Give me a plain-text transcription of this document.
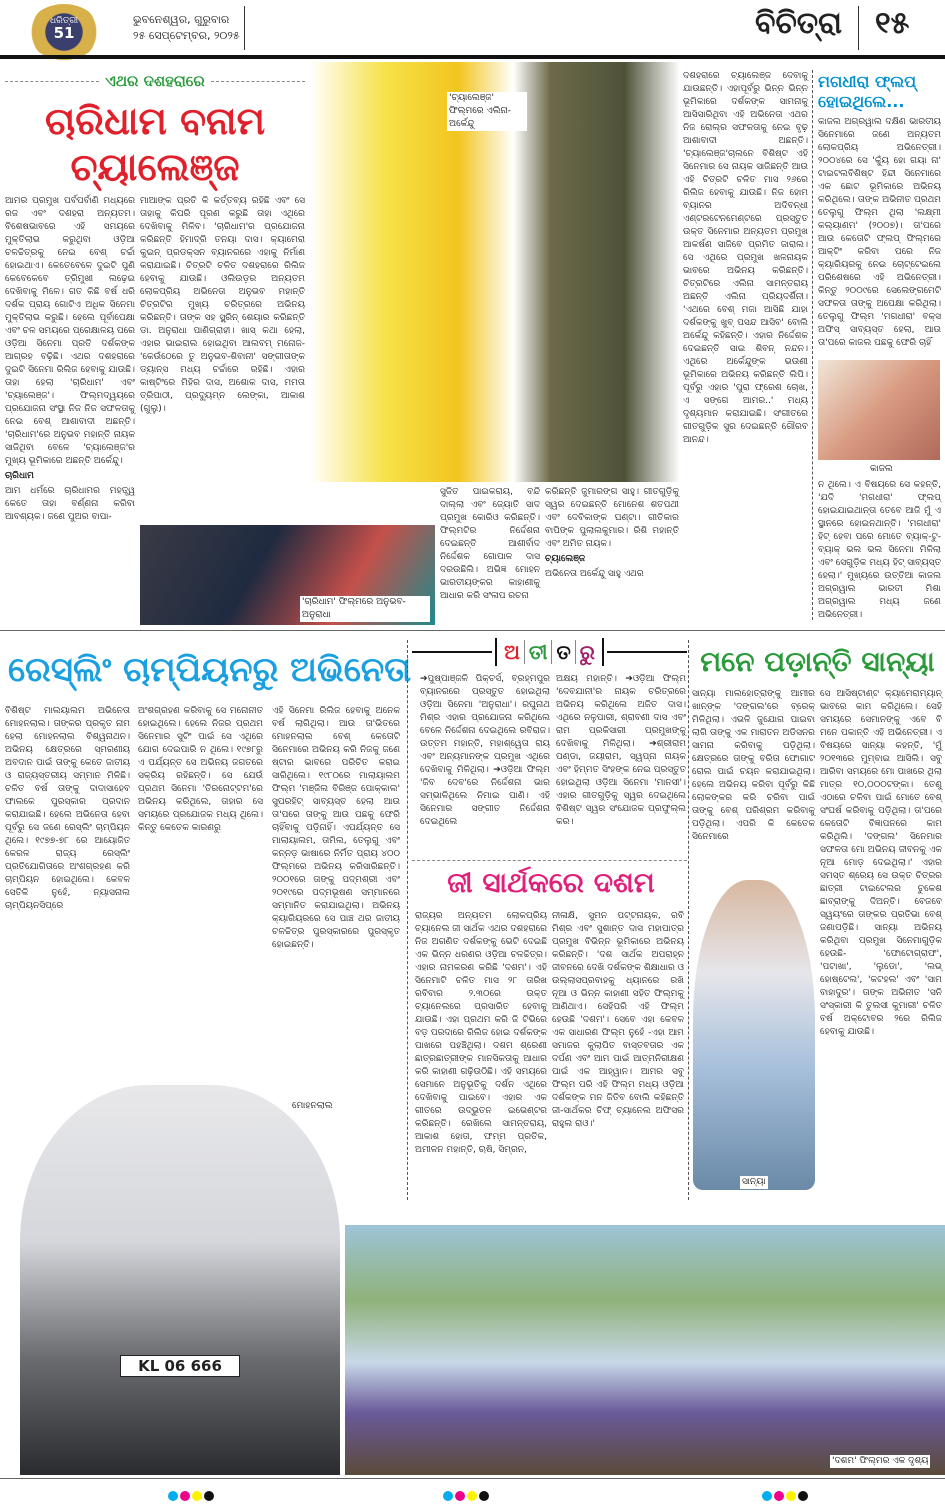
ଧରିତ୍ରୀ
51
ଭୁବନେଶ୍ୱର, ଗୁରୁବାର
୨୫ ସେପ୍ଟେମ୍ବର, ୨୦୨୫	ବିଚିତ୍ରା ୧୫
ଏଥର ଦଶହରାରେ
ଚାରିଧାମ ବନାମ
ଚ୍ୟାଲେଞ୍ଜ
'ଚ୍ୟାଲେଞ୍ଜ' ଫିଲ୍ମରେ ଏଲିନା-ଅର୍କେନ୍ଦୁ
'ଚାରିଧାମ' ଫିଲ୍ମରେ ଅନୁଭବ-ଅନୁରାଧା

ଆମର ପ୍ରମୁଖ ପର୍ବପର୍ବାଣି ମଧ୍ୟରେ ରଜ ଏବଂ ଦଶହରା ଅନ୍ୟତମ। ବିଶେଷଭାବରେ ଏହି ସମୟରେ ମୁକ୍ତିଲାଭ କରୁଥିବା ଓଡ଼ିଆ ଚଳଚ୍ଚିତ୍ରକୁ ନେଇ ବେଶ୍ ଚର୍ଚ୍ଚା ହୋଇଥାଏ। କେତେବେଳେ ଦୁଇଟି ପୁଣି କେବେକେବେ ତ୍ରିମୁଖୀ ଲଢ଼େଇ ଦେଖିବାକୁ ମିଳେ। ଗତ କିଛି ବର୍ଷ ଧରି ଦର୍ଶକ ପ୍ରାୟ ଗୋଟିଏ ଅଧିକ ସିନେମା ମୁକ୍ତିଲାଭ କରୁଛି। ହେଲେ ପୂର୍ବାପେକ୍ଷା ଏବଂ ଚଳ ସମୟରେ ପ୍ରେକ୍ଷାଳୟ ପରେ ଓଡ଼ିଆ ସିନେମା ପ୍ରତି ଦର୍ଶକଙ୍କ ଆଗ୍ରହ ବଢ଼ିଛି। ଏଥର ଦଶହରାରେ ଦୁଇଟି ସିନେମା ରିଲିଜ ହେବାକୁ ଯାଉଛି। ତାହା ହେଲା 'ଚାରିଧାମ' ଏବଂ 'ଚ୍ୟାଲେଞ୍ଜ'। ଫିଲ୍ମଦ୍ୱୟରେ ପ୍ରଯୋଜନା ସଂସ୍ଥା ନିଜ ନିଜ ସଫଳତାକୁ ନେଇ ବେଶ୍ ଆଶାବାଦୀ ଅଛନ୍ତି। 'ଚାରିଧାମ'ରେ ଅନୁଭବ ମହାନ୍ତି ନାୟକ ସାଜିଥିବା ବେଳେ 'ଚ୍ୟାଲେଞ୍ଜ'ର ମୁଖ୍ୟ ଭୂମିକାରେ ଅଛନ୍ତି ଅର୍କେନ୍ଦୁ।

ଚାରିଧାମ

ଆମ ଧର୍ମରେ ଚାରିଧାମର ମହତ୍ତ୍ୱ କେତେ ତାହା ବର୍ଣ୍ଣନା କରିବା ଆବଶ୍ୟକ। ଜଣେ ପୁଅର ବାପା-

ମାଆଙ୍କ ପ୍ରତି କି କର୍ତ୍ତବ୍ୟ ରହିଛି ଏବଂ ସେ ତାହାକୁ କିପରି ପୂରଣ କରୁଛି ତାହା ଏଥିରେ ଦେଖିବାକୁ ମିଳିବ। 'ଚାରିଧାମ'ର ପ୍ରଯୋଜନା କରିଛନ୍ତି ହିମାଦ୍ରି ତନୟା ଦାସ। କ୍ୟାମେରା କୁଇନ୍ ପ୍ରଡକ୍ସନ ବ୍ୟାନରରେ ଏହାକୁ ନିର୍ମାଣ କରାଯାଇଛି। ଚିତ୍ରଟି ଚଳିତ ଦଶହରାରେ ରିଲିଜ ହେବାକୁ ଯାଉଛି। ଓଲିଉଡ଼ର ଅନ୍ୟତମ ଲୋକପ୍ରିୟ ଅଭିନେତା ଅନୁଭବ ମହାନ୍ତି ଚିତ୍ରଟିର ମୁଖ୍ୟ ଚରିତ୍ରରେ ଅଭିନୟ କରିଛନ୍ତି। ତାଙ୍କ ସହ ସ୍କ୍ରିନ୍ ଶେୟାର କରିଛନ୍ତି ଡା. ଅନୁରାଧା ପାଣିଗ୍ରାହୀ। ଖାସ୍ କଥା ହେଲା, ଏହାର ଭାଇରାଲ ହୋଇଥିବା ଆଲବମ୍ ମନୋଜ-'କେଉଁଠେରେ ତୁ ଅନୁଭବ-ଶିବାନୀ' ସଙ୍ଗୀତାଙ୍କ ଡ୍ୟାନ୍ସ ମଧ୍ୟ ଚର୍ଚ୍ଚାରେ ରହିଛି। ଏହାର କାଷ୍ଟିଂରେ ମିହିର ଦାସ, ଅଶୋକ ଦାସ, ମମତା ତ୍ରିପାଠୀ, ପ୍ରଦ୍ୟୁମ୍ନ ଲେଙ୍କା, ଆକାଶ (ଗୁଲୁ)।

ସୁଜିତ ପାଇକରାୟ, ବନ୍ଦି ଦାଲ୍ଲା ଏବଂ ଜ୍ୟୋତି ସାଦ ପ୍ରମୁଖ କୋରିଓ କରିଛନ୍ତି। ଫିଲ୍ମଟିର ନିର୍ଦ୍ଦେଶନା ଦେଇଛନ୍ତି ଆଶୀର୍ବାଦ ନିର୍ଦ୍ଦେଶକ ଗୋପାଳ ଦାସ ଦରଉଛିଲି। ଅଭିଜ୍ଞ ମୋହନ ଭାରତୀୟଙ୍କର କାହାଣୀକୁ ଆଧାର କରି ସଂଳାପ ରଚନା

ଦଶହରାରେ ଚ୍ୟାଲେଞ୍ଜ ଦେବାକୁ ଯାଉଛନ୍ତି। ଏହାପୂର୍ବରୁ ଭିନ୍ନ ଭିନ୍ନ ଭୂମିକାରେ ଦର୍ଶକଙ୍କ ସାମନାକୁ ଆସିସାରିଥିବା ଏହି ଅଭିନେତା ଏଥର ନିଜ ରୋଲ୍‌ର ସଫଳତାକୁ ନେଇ ବୃଢ଼ ଆଶାବାଦୀ ଅଛନ୍ତି। 'ଚ୍ୟାଲେଞ୍ଜ'ଚାଲନେ ବିଶିଷ୍ଟ ଏହି ସିନେମାର ସେ ନାୟକ ସାଜିଛନ୍ତି ଆଉ ଏହି ଚିତ୍ରଟି ଚଳିତ ମାସ ୨୬ରେ ରିଲିଜ ହେବାକୁ ଯାଉଛି। ନିଜ ହୋମ ବ୍ୟାନର ଅଦିବନ୍ଧୀ ଏଣ୍ଟରଟେନମେଣ୍ଟରେ ପ୍ରସ୍ତୁତ ଉକ୍ତ ସିନେମାର ଅନ୍ୟତମ ପ୍ରମୁଖ ଆକର୍ଷଣ ସାଜିବେ ପ୍ରମିତ ଜାରାଲ। ସେ ଏଥିରେ ପ୍ରମୁଖ ଖଳନାୟକ ଭାବରେ ଅଭିନୟ କରିଛନ୍ତି। ଚିତ୍ରଟିରେ ଏଲିନା ସାମନ୍ତରାୟ ଅଛନ୍ତି ଏଲିନା ପ୍ରିୟଦର୍ଶିନୀ। 'ଏଥରେ ବେଶ୍ ମଜା ଆସିଛି ଯାହା ଦର୍ଶକଙ୍କୁ ଖୁବ୍ ପସନ୍ଦ ଆସିବ' ବୋଲି ଅର୍କେନ୍ଦୁ କହିଛନ୍ତି। ଏହାର ନିର୍ଦ୍ଦେଶକ ଦେଇଛନ୍ତି ସାଇ ଶିବନ୍ ନନ୍ଦନ। ଏଥିରେ ଅର୍କେନ୍ଦୁଙ୍କ ଭଉଣୀ ଭୂମିକାରେ ଅଭିନୟ କରିଛନ୍ତି ଲିପି। ପୂର୍ବରୁ ଏହାର 'ପୁରା ଫ୍ରେଶ ଚୋଖ, ଏ ସଙ୍ଗେ ଆମର..' ମଧ୍ୟ ଦୃଶ୍ୟମାନ କରାଯାଇଛି। ସଂଗୀତରେ ଗୀତଗୁଡ଼ିକ ସୁର ଦେଇଛନ୍ତି ଗୌରବ ଆନନ୍ଦ।

କରିଛନ୍ତି ଜୁମାରଙ୍ଗ ସାହୁ। ଗୀତଗୁଡ଼ିକୁ ସ୍ୱର ଦେଇଛନ୍ତି ମୋନେଶ ଶତପଥୀ ଏବଂ ଦେବିକାଙ୍କ ଘଣ୍ଟା। ଗୀତିକାର ବାପିଙ୍କ ପୁଲାଲକୁମାର। ରିଶି ମହାନ୍ତି ଏବଂ ଅମିତ ନାୟକ।

ଚ୍ୟାଲେଞ୍ଜ

ଅଭିନେତା ଅର୍କେନ୍ଦୁ ସାହୁ ଏଥର

ମଗଧୀରା ଫ୍ଲପ୍ ହୋଇଥିଲେ...

କାଜଲ ଅଗ୍ରୱାଲ ଦକ୍ଷିଣ ଭାରତୀୟ ସିନେମାରେ ଜଣେ ଅନ୍ୟତମ ଲୋକପ୍ରିୟ ଅଭିନେତ୍ରୀ। ୨୦୦୪ରେ ସେ 'କ୍ୟୁଁ ହୋ ଗୟା ନା' ଟାଇଟଲବିଶିଷ୍ଟ ହିନ୍ଦୀ ସିନେମାରେ ଏକ ଛୋଟ ଭୂମିକାରେ ଅଭିନୟ କରିଥିଲେ। ତାଙ୍କ ଅଭିନୀତ ପ୍ରଥମ ତେଲୁଗୁ ଫିଲ୍ମ ଥିଲା 'ଲକ୍ଷ୍ମୀ କଲ୍ୟାଣମ' (୨୦୦୭)। ତା'ପରେ ଆଉ କେତୋଟି ଫ୍ଲପ୍ ଫିଲ୍ମରେ ଆକ୍ଟିଂ କରିବା ପରେ ନିଜ କ୍ୟାରିୟରକୁ ନେଇ ଚୋଟ୍ଟେଇଲେ ପରିଶେଷରେ ଏହି ଅଭିନେତ୍ରୀ। କିନ୍ତୁ ୨୦୦୯ରେ ସେଲେଙ୍ଗମେଟି ସଫଳତା ତାଙ୍କୁ ଅପେକ୍ଷା କରିଥିଲା। ତେଲୁଗୁ ଫିଲ୍ମ 'ମଗଧୀରା' ବକ୍ସ ଅଫିସ୍ ସାବ୍ୟସ୍ତ ହେଲା, ଆଉ ତା'ପରେ କାଜଲ ପଛକୁ ଫେରି ଚାହିଁ

କାଜଲ

ନ ଥିଲେ। ଏ ବିଷୟରେ ସେ କହନ୍ତି, 'ଯଦି 'ମଗଧୀରା' ଫ୍ଲପ୍ ହୋଇଯାଇଥାନ୍ତା ତେବେ ଆଜି ମୁଁ ଏ ସ୍ଥାନରେ ହୋଇନଥାନ୍ତି। 'ମଗଧୀରା' ହିଟ୍ ହେବା ପରେ ମୋତେ ବ୍ୟାକ୍-ଟୁ-ବ୍ୟାକ୍ ଭଲ ଭଲ ସିନେମା ମିଳିଲା ଏବଂ ସେଗୁଡ଼ିକ ମଧ୍ୟ ହିଟ୍ ସାବ୍ୟସ୍ତ ହେଲା।' ମୁଖ୍ୟରେ ଉତ୍ତିଆ କାଜଲ ଅଗ୍ରୱାଲ ଭାରତୀ ମିଶା ଅଗ୍ରୱାଲ ମଧ୍ୟ ଜଣେ ଅଭିନେତ୍ରୀ।

ରେସ୍‌ଲିଂ ଚାମ୍ପିୟନରୁ ଅଭିନେତା

ବିଶିଷ୍ଟ ମାଲୟାଲମ ଅଭିନେତା ମୋହନଲାଲ। ତାଙ୍କର ପ୍ରକୃତ ନାମ ହେଲା ମୋହନଲାଲ ବିଶ୍ୱନାଥନ। ଅଭିନୟ କ୍ଷେତ୍ରରେ ସ୍ମରଣୀୟ ଅବଦାନ ପାଇଁ ତାଙ୍କୁ କେତେ ଜାତୀୟ ଓ ରାଜ୍ୟସ୍ତରୀୟ ସମ୍ମାନ ମିଳିଛି। ଚଳିତ ବର୍ଷ ତାଙ୍କୁ ଦାଦାସାହେବ ଫାଲକେ ପୁରସ୍କାର ପ୍ରଦାନ କରାଯାଇଛି। ହେଲେ ଅଭିନେତା ହେବା ପୂର୍ବରୁ ସେ ଜଣେ ରେସ୍‌ଲିଂ ଚାମ୍ପିୟନ ଥିଲେ। ୧୯୭୭-୭୮ ରେ ଆୟୋଜିତ କେରଳ ରାଜ୍ୟ ରେସ୍‌ଲିଂ ପ୍ରତିଯୋଗିତାରେ ଅଂଶଗ୍ରହଣ କରି ଚାମ୍ପିୟନ ହୋଇଥିଲେ। କେବଳ ସେତିକି ନୁହେଁ, ନ୍ୟାସନାଲ ଚାମ୍ପିୟନସିପ୍‌ରେ

ଅଂଶଗ୍ରହଣ କରିବାକୁ ସେ ମନୋନୀତ ହୋଇଥିଲେ। ହେଲେ ନିଜର ପ୍ରଥମ ସିନେମାର ସୁଟିଂ ପାଇଁ ସେ ଏଥିରେ ଯୋଗ ଦେଇପାରି ନ ଥିଲେ। ୧୯୭୮ରୁ ଏ ପର୍ଯ୍ୟନ୍ତ ସେ ଅଭିନୟ ଜଗତରେ ସକ୍ରିୟ ରହିଛନ୍ତି। ସେ ଯେଉଁ ପ୍ରଥମ ସିନେମା 'ତିରନୋଟ୍ଟମ'ରେ ଅଭିନୟ କରିଥିଲେ, ତାହାର ସେ ସମୟରେ ପ୍ରଯୋଜକ ମଧ୍ୟ ଥିଲେ। କିନ୍ତୁ କେତେକ କାରଣରୁ

ଏହି ସିନେମା ରିଲିଜ ହେବାକୁ ଅନେକ ବର୍ଷ ଲାଗିଥିଲା। ଆଉ ତା'ଭିତରେ ମୋହନଲାଲ ବେଶ୍ କେତୋଟି ସିନେମାରେ ଅଭିନୟ କରି ନିଜକୁ ଜଣେ ଷ୍ଟାର ଭାବରେ ପରିଚିତ କରାଇ ସାରିଥିଲେ। ୧୯୮୦ରେ ମାଲାୟାଲମ ଫିଲ୍ମ 'ମଞ୍ଜିଲ ବିରିଞ୍ଜ ପୋକ୍କାଲ' ସୁପରହିଟ୍ ସାବ୍ୟସ୍ତ ହେଲା ଆଉ ତା'ପରେ ତାଙ୍କୁ ଆଉ ପଛକୁ ଫେରି ଚାହିଁବାକୁ ପଡ଼ିନାହିଁ। ଏପର୍ଯ୍ୟନ୍ତ ସେ ମାଲାୟାଲମ, ତାମିଲ, ତେଲୁଗୁ ଏବଂ କନ୍ନଡ଼ ଭାଷାରେ ନିର୍ମିତ ପ୍ରାୟ ୪୦୦ ଫିଲ୍ମରେ ଅଭିନୟ କରିସାରିଛନ୍ତି। ୨୦୦୧ରେ ତାଙ୍କୁ ପଦ୍ମଶ୍ରୀ ଏବଂ ୨୦୧୯ରେ ପଦ୍ମଭୂଷଣ ସମ୍ମାନରେ ସମ୍ମାନିତ କରାଯାଇଥିଲା। ଅଭିନୟ କ୍ୟାରିୟରରେ ସେ ପାଞ୍ଚ ଥର ଜାତୀୟ ଚଳଚ୍ଚିତ୍ର ପୁରସ୍କାରରେ ପୁରସ୍କୃତ ହୋଇଛନ୍ତି।

KL 06 666
ମୋହନଲାଲ
ଅ ତୀ ତ ରୁ

➔ପୁଷ୍ପାଞ୍ଜଳି ପିକ୍ଚର୍ସ, ବ୍ରହ୍ମପୁର ବ୍ୟାନରରେ ପ୍ରସ୍ତୁତ ହୋଇଥିଲା ଓଡ଼ିଆ ସିନେମା 'ଅନୁରାଧା'। ରଘୁନାଥ ମିଶ୍ର ଏହାର ପ୍ରଯୋଜନା କରିଥିଲେ ବେଳେ ନିର୍ଦ୍ଦେଶନା ଦେଇଥିଲେ ରବିରାଜ। ଉତ୍ତମ ମହାନ୍ତି, ମହାଶ୍ୱେତା ରାୟ ଏବଂ ଅନ୍ୟମାନଙ୍କ ପ୍ରମୁଖ ଏଥିରେ ଦେଖିବାକୁ ମିଳିଥିଲା। ➔ଓଡ଼ିଆ ଫିଲ୍ମ 'ଜିବ ଦେବ'ରେ ନିର୍ଦ୍ଦେଶନା ଭାର ସମ୍ଭାଳିଥିଲେ ନିମାଇ ପାଣି। ଏହି ସିନେମାର ସଙ୍ଗୀତ ନିର୍ଦ୍ଦେଶନା ଦେଇଥିଲେ

ଅକ୍ଷୟ ମହାନ୍ତି। ➔ଓଡ଼ିଆ ଫିଲ୍ମ 'ଦେବଯାନୀ'ର ନାୟକ ଚରିତ୍ରରେ ଅଭିନୟ କରିଥିଲେ ଅଜିତ ଦାସ। ଏଥିରେ ନଳୁପାରୀ, ଶ୍ରାବଣୀ ଦାସ ଏବଂ ରାମ ପ୍ରକିସାରୀ ପ୍ରମୁଖଙ୍କୁ ଦେଖିବାକୁ ମିଳିଥିଲା। ➔ଶ୍ରୀରାମ ପଣ୍ଡା, ଜୟୀରାମ, ସ୍ୱପ୍ନା ନାୟକ ଏବଂ ହିମ୍ମତ ସିଂହଙ୍କ ନେଇ ପ୍ରସ୍ତୁତ ହୋଇଥିଲା ଓଡ଼ିଆ ସିନେମା 'ମାନସୀ'। ଏହାର ଗୀତଗୁଡ଼ିକୁ ସ୍ୱର ଦେଇଥିଲେ ବିଶିଷ୍ଟ ସ୍ୱର ସଂଯୋଜକ ପ୍ରଫୁଲ୍ଲ କର।

ଜୀ ସାର୍ଥକରେ ଦଶମ

ରାଜ୍ୟର ଅନ୍ୟତମ ଲୋକପ୍ରିୟ ଚ୍ୟାନେଲ ଜୀ ସାର୍ଥକ ଏଥର ଦଶହରାରେ ନିଜ ଅଗଣିତ ଦର୍ଶକଙ୍କୁ ଭେଟି ଦେଇଛି ଏକ ଭିନ୍ନ ଧରଣର ଓଡ଼ିଆ ଚଳଚ୍ଚିତ୍ର। ଏହାର ନାମକରଣ କରିଛି 'ଦଶମ'। ଏହି ସିନେମାଟି ଚଳିତ ମାସ ୨୮ ତାରିଖ ରବିବାର ୨.୩୦ରେ ଉକ୍ତ ଚ୍ୟାନେଲରେ ପ୍ରସାରିତ ହେବାକୁ ଯାଉଛି। ଏହା ପ୍ରଥମ କରି ଜି ଟିଭିରେ ବଡ଼ ପରଦାରେ ରିଲିଜ ହୋଇ ଦର୍ଶକଙ୍କ ପାଖରେ ପହଞ୍ଚିଥିଲା। ଦଶମ ଶ୍ରେଣୀ ଛାତ୍ରଛାତ୍ରୀଙ୍କ ମାନସିକତାକୁ ଆଧାର କରି କାହାଣୀ ଗଢ଼ିଉଠିଛି। ଏହି ସମୟରେ ସେମାନେ ଅନୁଭୂତିକୁ ଦର୍ଶନ ଏଥିରେ ଦେଖିବାକୁ ପାଇବେ। ଏହାର ଏକ ଗୀତରେ ଉଦ୍ଭୁତନ ଇଭେଣ୍ଟର କରିଛନ୍ତି। ରେଖିଲେ ସାମନ୍ତରାୟ, ଆକାଶ ହୋତା, ଫମ୍ମ ପ୍ରତିକ, ଅମୀଳନ ମହାନ୍ତି, ଋଷି, ସିମ୍ରନ,

ନୀଳାକ୍ଷି, ସୁମନ ପଟ୍ଟନାୟକ, ରବି ମିଶ୍ର ଏବଂ ସୁଶାନ୍ତ ଦାସ ମହାପାତ୍ର ପ୍ରମୁଖ ବିଭିନ୍ନ ଭୂମିକାରେ ଅଭିନୟ କରିଛନ୍ତି। 'ଦଶ ସାର୍ଥକ ଅପରାହ୍ନ ଜୀବନରେ ଦେଖି ଦର୍ଶକଙ୍କ ଶିକ୍ଷାଧାର ଓ ଉଲ୍ଲାସପ୍ରବାହକୁ ଧ୍ୟାନରେ ରଖି ନୂଆ ଓ ଭିନ୍ନ କାହାଣୀ ସହିତ ଫିଲ୍ମକୁ ଆଣିଥାଏ। ସେହିପରି ଏହି ଫିଲ୍ମ ହେଉଛି 'ଦଶମ'। ସେବେ ଏହା କେବଳ ଏକ ସାଧାରଣ ଫିଲ୍ମ ନୁହେଁ -ଏହା ଆମ ସମାଜର କୁଲାପିତ ବାସ୍ତବତାର ଏକ ଦର୍ପଣ ଏବଂ ଆମ ପାଇଁ ଆତ୍ମନିରୀକ୍ଷଣ ପାଇଁ ଏକ ଆହ୍ୱାନ। ଆମର ସବୁ ଫିଲ୍ମ ପରି ଏହି ଫିଲ୍ମ ମଧ୍ୟ ଓଡ଼ିଆ ଦର୍ଶକଙ୍କ ମନ ଜିତିବ ବୋଲି କହିଛନ୍ତି ଜୀ-ସାର୍ଥକର ଚିଫ୍ ଚ୍ୟାନେଲ ଅଫିସର ରାହୁଲ ରାଓ।'

ମନେ ପଡ଼ାନ୍ତି ସାନ୍ୟା

ସାନ୍ୟା ମାଲହୋତ୍ରାଙ୍କୁ ଆମୀର ଖାନ୍‌ଙ୍କ 'ଦଙ୍ଗଲ'ରେ ବ୍ରେକ୍ ମିଳିଥିଲା। ଏଭଳି ଜୁଯୋଗ ପାଇବା ଲାଗି ତାଙ୍କୁ ଏକ ମାରାତନ ଅଡିସନର ସାମନା କରିବାକୁ ପଡ଼ିଥିଲା। କ୍ଷେତ୍ରରେ ତାଙ୍କୁ ବରିତା ଫୋଗାଟ ରୋଲ ପାଇଁ ଚୟନ କରାଯାଇଥିଲା। ହେଲେ ଅଭିନୟ କରିବା ପୂର୍ବରୁ କିଛି ଲୋକଙ୍କର କରି ଚରିବା ପାଇଁ ତାଙ୍କୁ ବେଶ୍ ପରିଶ୍ରମ କରିବାକୁ ପଡ଼ିଥିଲା। ଏପରି କି କେତେକ ସିନେମାରେ

ସେ ଆସିଷ୍ଟାଣ୍ଟ କ୍ୟାମେରାମ୍ୟାନ୍ ଭାବରେ କାମ କରିଥିଲେ। ସେହି ସମୟରେ ସେମାନଙ୍କୁ ଏବେ ବି ମନେ ପକାନ୍ତି ଏହି ଅଭିନେତ୍ରୀ। ଏ ବିଷୟରେ ସାନ୍ୟା କହନ୍ତି, 'ମୁଁ ୨୦୧୩ରେ ମୁମ୍ବାଇ ଆସିଲି। ସବୁ ଆରିବା ସମୟରେ ମୋ ପାଖରେ ଥିଲା ମାତ୍ର ୧୦,୦୦୦ଟଙ୍କା। ତେଣୁ ଏଠାରେ ଚଳିବା ପାଇଁ ମୋତେ ବେଶ୍ ସଂଘର୍ଷ କରିବାକୁ ପଡ଼ିଥିଲା। ତା'ପରେ କେତୋଟି ବିଜ୍ଞାପନରେ କାମ କରିଥିଲି। 'ଦଙ୍ଗଲ' ସିନେମାର ସଫଳତା ମୋ ଅଭିନୟ ଜୀବନକୁ ଏକ ନୂଆ ମୋଡ଼ ଦେଇଥିଲା।' ଏହାର ସମସ୍ତ ଶ୍ରେୟ ସେ ଉକ୍ତ ଚିତ୍ରର ଛାତ୍ରୀ ଟାଇଟେଲର ଚୁକେଶ ଛାବ୍ରାଙ୍କୁ ଦିଅନ୍ତି। ବେଜବେ ସ୍ୱୟଂରେ ତାଙ୍କର ପ୍ରତିଭା ବେଶ୍ ଜଣାପଡ଼ିଛି। ସାନ୍ୟା ଅଭିନୟ କରିଥିବା ପ୍ରମୁଖ ସିନେମାଗୁଡ଼ିକ ହେଉଛି- 'ଫୋଟୋଗ୍ରାଫ', 'ପଟାଖା', 'ଲୁଡୋ', 'ଲଭ୍ ହୋଷ୍ଟେଲ', 'କଟହଲ' ଏବଂ 'ସାମ ବାହାଦୁର'। ତାଙ୍କ ଅଭିନୀତ 'ସନି ସଂସ୍କାରୀ କି ତୁଲସୀ କୁମାରୀ' ଚଳିତ ବର୍ଷ ଅକ୍ଟୋବର ୨ରେ ରିଲିଜ ହେବାକୁ ଯାଉଛି।

ସାନ୍ୟା
'ଦଶମ' ଫିଲ୍ମର ଏକ ଦୃଶ୍ୟ
